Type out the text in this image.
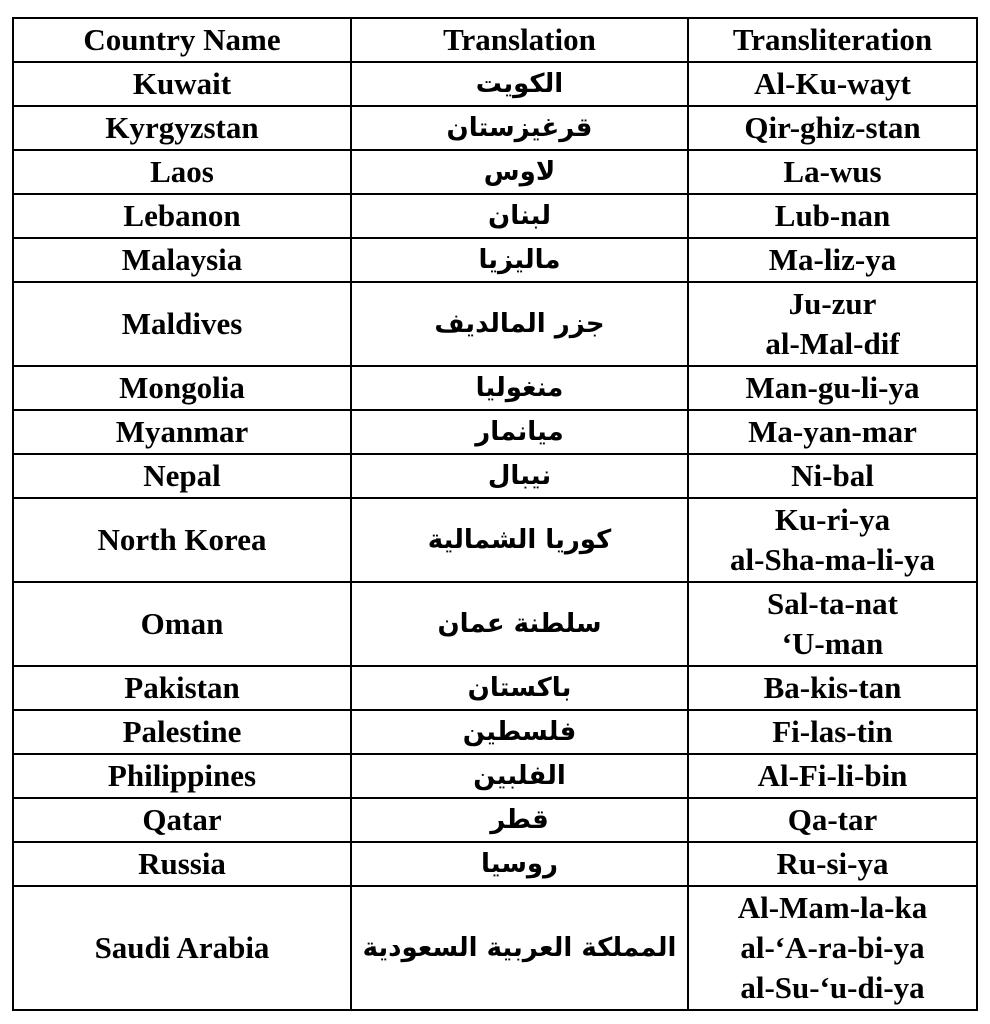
Country Name	Translation	Transliteration
Kuwait	الكويت	Al-Ku-wayt
Kyrgyzstan	قرغيزستان	Qir-ghiz-stan
Laos	لاوس	La-wus
Lebanon	لبنان	Lub-nan
Malaysia	ماليزيا	Ma-liz-ya
Maldives	جزر المالديف	Ju-zur
al-Mal-dif
Mongolia	منغوليا	Man-gu-li-ya
Myanmar	ميانمار	Ma-yan-mar
Nepal	نيبال	Ni-bal
North Korea	كوريا الشمالية	Ku-ri-ya
al-Sha-ma-li-ya
Oman	سلطنة عمان	Sal-ta-nat
‘U-man
Pakistan	باكستان	Ba-kis-tan
Palestine	فلسطين	Fi-las-tin
Philippines	الفلبين	Al-Fi-li-bin
Qatar	قطر	Qa-tar
Russia	روسيا	Ru-si-ya
Saudi Arabia	المملكة العربية السعودية	Al-Mam-la-ka
al-‘A-ra-bi-ya
al-Su-‘u-di-ya
